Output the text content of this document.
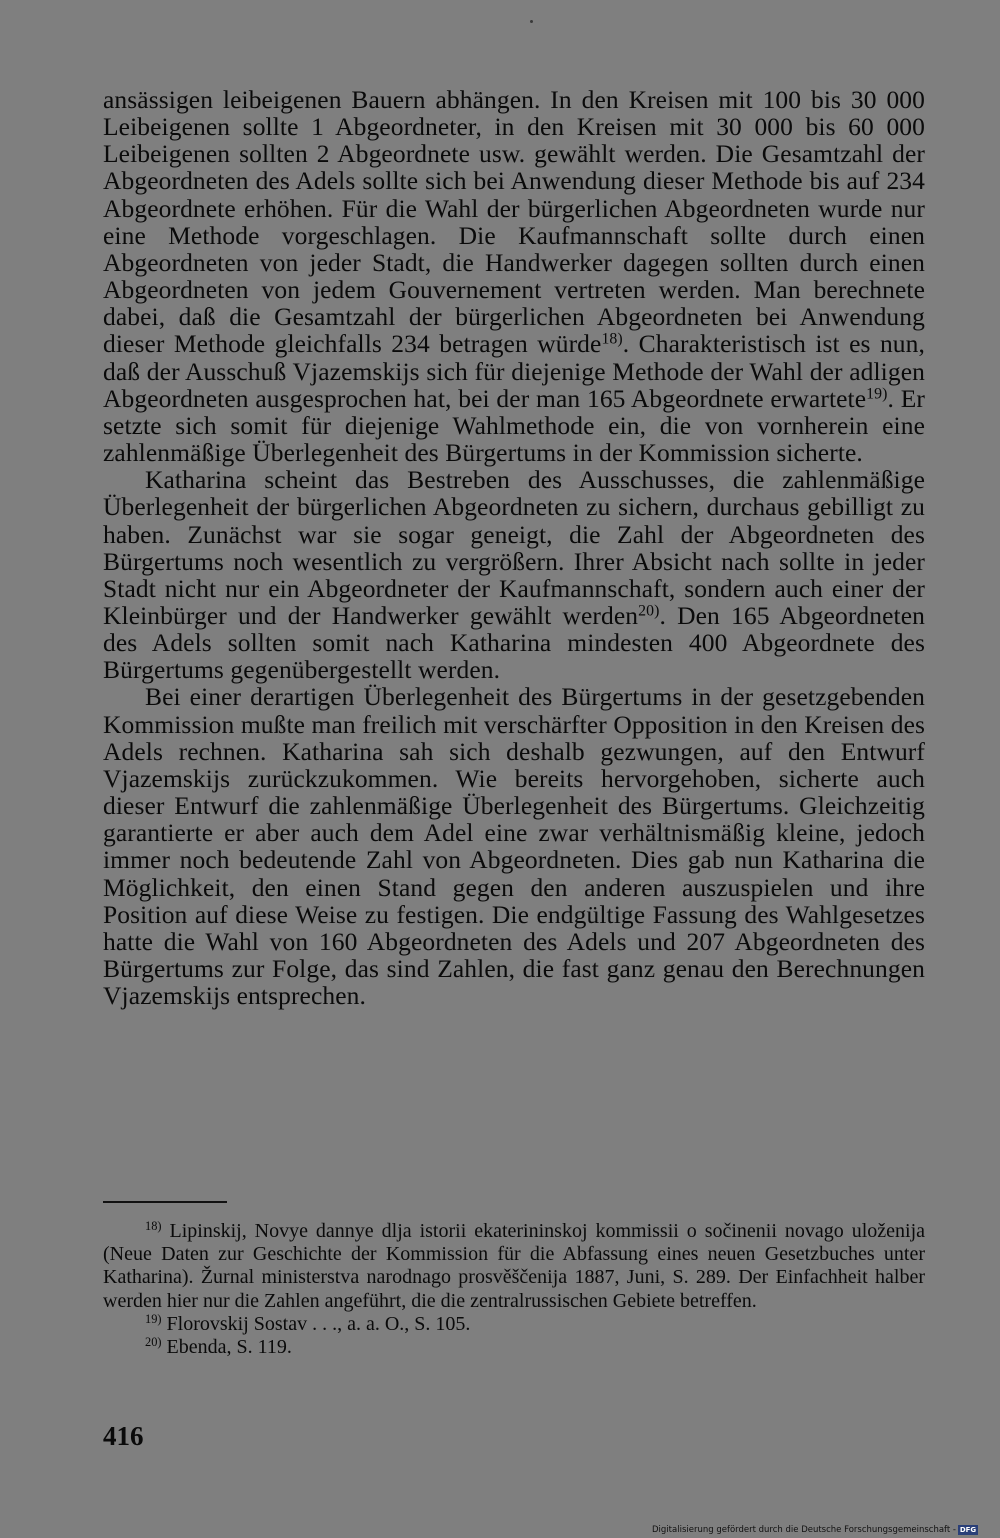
ansässigen leibeigenen Bauern abhängen. In den Kreisen mit 100 bis 30 000 Leibeigenen sollte 1 Abgeordneter, in den Kreisen mit 30 000 bis 60 000 Leibeigenen sollten 2 Abgeordnete usw. gewählt werden. Die Gesamtzahl der Abgeordneten des Adels sollte sich bei Anwendung dieser Methode bis auf 234 Abgeordnete erhöhen. Für die Wahl der bürgerlichen Abgeordneten wurde nur eine Methode vorgeschlagen. Die Kaufmannschaft sollte durch einen Abgeordneten von jeder Stadt, die Handwerker dagegen sollten durch einen Abgeordneten von jedem Gouvernement vertreten werden. Man berechnete dabei, daß die Gesamtzahl der bürgerlichen Abgeordneten bei Anwendung dieser Methode gleichfalls 234 betragen würde$^{18)}$. Charakteristisch ist es nun, daß der Ausschuß Vjazemskijs sich für diejenige Methode der Wahl der adligen Abgeordneten ausgesprochen hat, bei der man 165 Abgeordnete erwartete$^{19)}$. Er setzte sich somit für diejenige Wahlmethode ein, die von vornherein eine zahlenmäßige Überlegenheit des Bürgertums in der Kommission sicherte.

Katharina scheint das Bestreben des Ausschusses, die zahlenmäßige Überlegenheit der bürgerlichen Abgeordneten zu sichern, durchaus gebilligt zu haben. Zunächst war sie sogar geneigt, die Zahl der Abgeordneten des Bürgertums noch wesentlich zu vergrößern. Ihrer Absicht nach sollte in jeder Stadt nicht nur ein Abgeordneter der Kaufmannschaft, sondern auch einer der Kleinbürger und der Handwerker gewählt werden$^{20)}$. Den 165 Abgeordneten des Adels sollten somit nach Katharina mindesten 400 Abgeordnete des Bürgertums gegenübergestellt werden.

Bei einer derartigen Überlegenheit des Bürgertums in der gesetzgebenden Kommission mußte man freilich mit verschärfter Opposition in den Kreisen des Adels rechnen. Katharina sah sich deshalb gezwungen, auf den Entwurf Vjazemskijs zurückzukommen. Wie bereits hervorgehoben, sicherte auch dieser Entwurf die zahlenmäßige Überlegenheit des Bürgertums. Gleichzeitig garantierte er aber auch dem Adel eine zwar verhältnismäßig kleine, jedoch immer noch bedeutende Zahl von Abgeordneten. Dies gab nun Katharina die Möglichkeit, den einen Stand gegen den anderen auszuspielen und ihre Position auf diese Weise zu festigen. Die endgültige Fassung des Wahlgesetzes hatte die Wahl von 160 Abgeordneten des Adels und 207 Abgeordneten des Bürgertums zur Folge, das sind Zahlen, die fast ganz genau den Berechnungen Vjazemskijs entsprechen.

$^{18)}$ Lipinskij, Novye dannye dlja istorii ekaterininskoj kommissii o sočinenii novago uloženija (Neue Daten zur Geschichte der Kommission für die Abfassung eines neuen Gesetzbuches unter Katharina). Žurnal ministerstva narodnago prosvěščenija 1887, Juni, S. 289. Der Einfachheit halber werden hier nur die Zahlen angeführt, die die zentralrussischen Gebiete betreffen.

$^{19)}$ Florovskij Sostav . . ., a. a. O., S. 105.

$^{20)}$ Ebenda, S. 119.

416
Digitalisierung gefördert durch die Deutsche Forschungsgemeinschaft - DFG
